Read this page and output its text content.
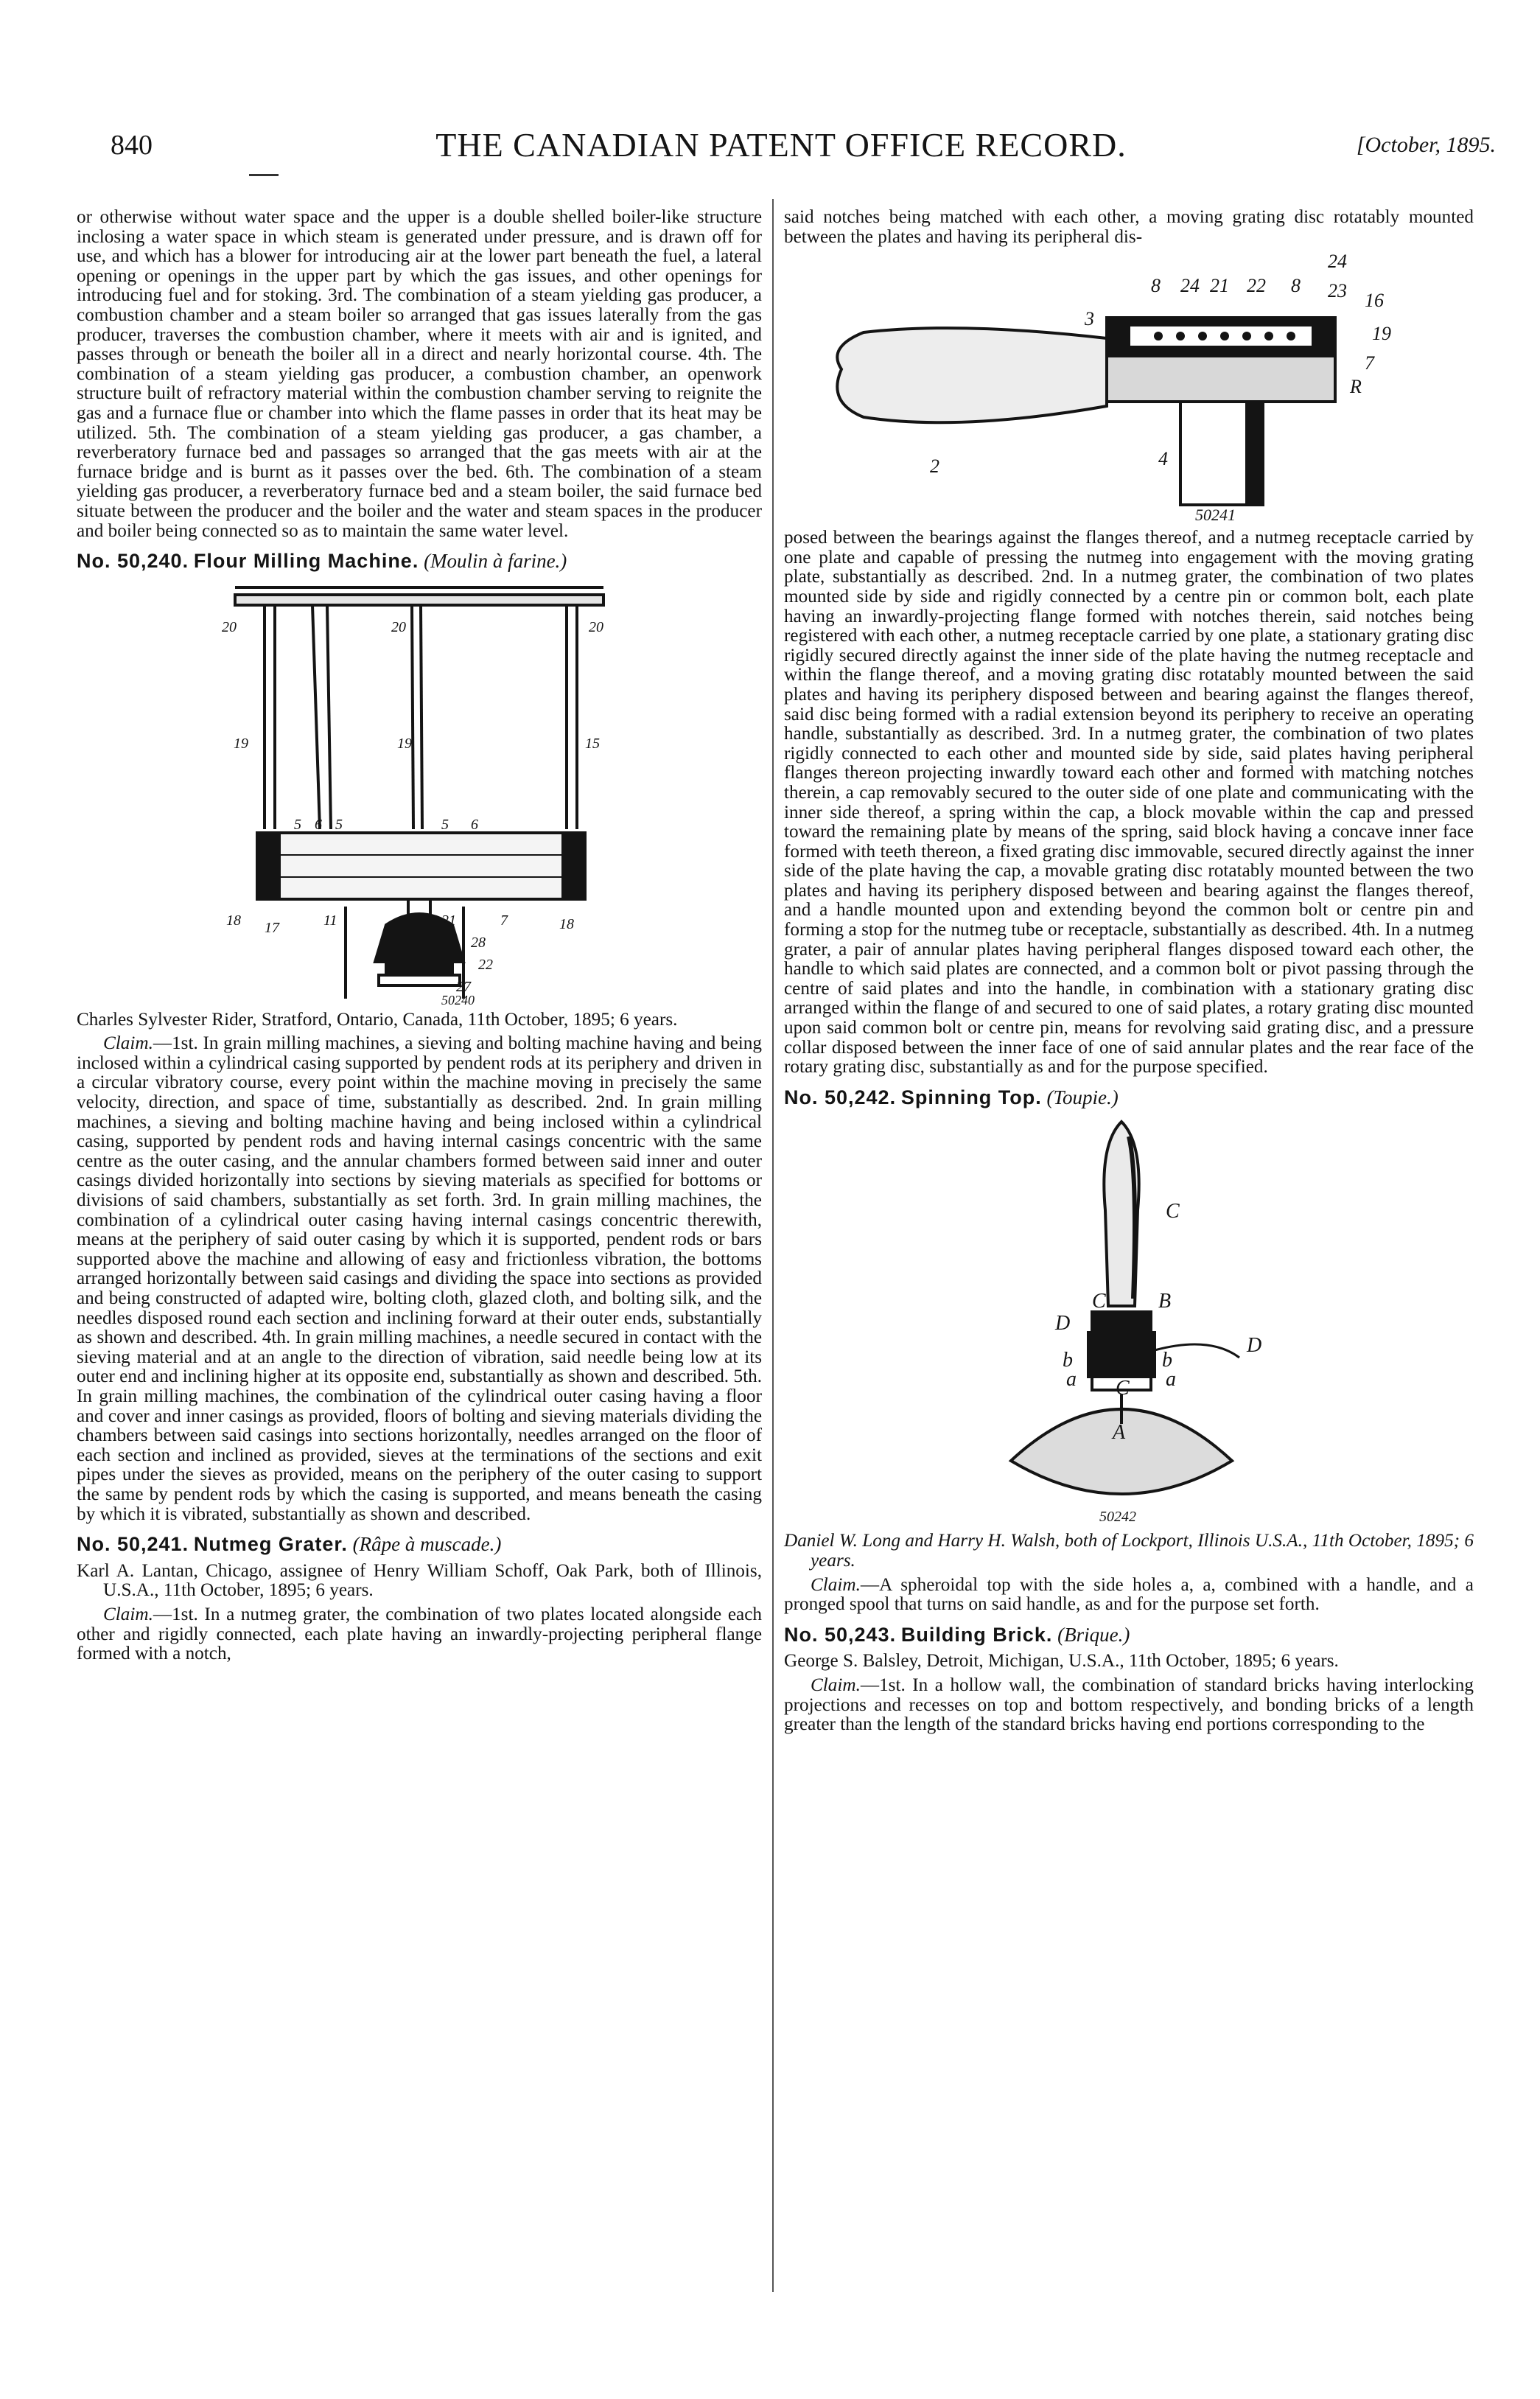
840	THE CANADIAN PATENT OFFICE RECORD.	[October, 1895.

or otherwise without water space and the upper is a double shelled boiler-like structure inclosing a water space in which steam is generated under pressure, and is drawn off for use, and which has a blower for introducing air at the lower part beneath the fuel, a lateral opening or openings in the upper part by which the gas issues, and other openings for introducing fuel and for stoking. 3rd. The combination of a steam yielding gas producer, a combustion chamber and a steam boiler so arranged that gas issues laterally from the gas producer, traverses the combustion chamber, where it meets with air and is ignited, and passes through or beneath the boiler all in a direct and nearly horizontal course. 4th. The combination of a steam yielding gas producer, a combustion chamber, an openwork structure built of refractory material within the combustion chamber serving to reignite the gas and a furnace flue or chamber into which the flame passes in order that its heat may be utilized. 5th. The combination of a steam yielding gas producer, a gas chamber, a reverberatory furnace bed and passages so arranged that the gas meets with air at the furnace bridge and is burnt as it passes over the bed. 6th. The combination of a steam yielding gas producer, a reverberatory furnace bed and a steam boiler, the said furnace bed situate between the producer and the boiler and the water and steam spaces in the producer and boiler being connected so as to maintain the same water level.

No. 50,240. Flour Milling Machine. (Moulin à farine.)
20	20	20
19	19	15
5 6 5	5 6
18 17	11	21	7	18
28
22
27
50240

Charles Sylvester Rider, Stratford, Ontario, Canada, 11th October, 1895; 6 years.

Claim.—1st. In grain milling machines, a sieving and bolting machine having and being inclosed within a cylindrical casing supported by pendent rods at its periphery and driven in a circular vibratory course, every point within the machine moving in precisely the same velocity, direction, and space of time, substantially as described. 2nd. In grain milling machines, a sieving and bolting machine having and being inclosed within a cylindrical casing, supported by pendent rods and having internal casings concentric with the same centre as the outer casing, and the annular chambers formed between said inner and outer casings divided horizontally into sections by sieving materials as specified for bottoms or divisions of said chambers, substantially as set forth. 3rd. In grain milling machines, the combination of a cylindrical outer casing having internal casings concentric therewith, means at the periphery of said outer casing by which it is supported, pendent rods or bars supported above the machine and allowing of easy and frictionless vibration, the bottoms arranged horizontally between said casings and dividing the space into sections as provided and being constructed of adapted wire, bolting cloth, glazed cloth, and bolting silk, and the needles disposed round each section and inclining forward at their outer ends, substantially as shown and described. 4th. In grain milling machines, a needle secured in contact with the sieving material and at an angle to the direction of vibration, said needle being low at its outer end and inclining higher at its opposite end, substantially as shown and described. 5th. In grain milling machines, the combination of the cylindrical outer casing having a floor and cover and inner casings as provided, floors of bolting and sieving materials dividing the chambers between said casings into sections horizontally, needles arranged on the floor of each section and inclined as provided, sieves at the terminations of the sections and exit pipes under the sieves as provided, means on the periphery of the outer casing to support the same by pendent rods by which the casing is supported, and means beneath the casing by which it is vibrated, substantially as shown and described.

No. 50,241. Nutmeg Grater. (Râpe à muscade.)

Karl A. Lantan, Chicago, assignee of Henry William Schoff, Oak Park, both of Illinois, U.S.A., 11th October, 1895; 6 years.

Claim.—1st. In a nutmeg grater, the combination of two plates located alongside each other and rigidly connected, each plate having an inwardly-projecting peripheral flange formed with a notch,

said notches being matched with each other, a moving grating disc rotatably mounted between the plates and having its peripheral dis-

24
8 24 21 22 8 23 16
3
19
7
R
2	4
50241

posed between the bearings against the flanges thereof, and a nutmeg receptacle carried by one plate and capable of pressing the nutmeg into engagement with the moving grating plate, substantially as described. 2nd. In a nutmeg grater, the combination of two plates mounted side by side and rigidly connected by a centre pin or common bolt, each plate having an inwardly-projecting flange formed with notches therein, said notches being registered with each other, a nutmeg receptacle carried by one plate, a stationary grating disc rigidly secured directly against the inner side of the plate having the nutmeg receptacle and within the flange thereof, and a moving grating disc rotatably mounted between the said plates and having its periphery disposed between and bearing against the flanges thereof, said disc being formed with a radial extension beyond its periphery to receive an operating handle, substantially as described. 3rd. In a nutmeg grater, the combination of two plates rigidly connected to each other and mounted side by side, said plates having peripheral flanges thereon projecting inwardly toward each other and formed with matching notches therein, a cap removably secured to the outer side of one plate and communicating with the inner side thereof, a spring within the cap, a block movable within the cap and pressed toward the remaining plate by means of the spring, said block having a concave inner face formed with teeth thereon, a fixed grating disc immovable, secured directly against the inner side of the plate having the cap, a movable grating disc rotatably mounted between the two plates and having its periphery disposed between and bearing against the flanges thereof, and a handle mounted upon and extending beyond the common bolt or centre pin and forming a stop for the nutmeg tube or receptacle, substantially as described. 4th. In a nutmeg grater, a pair of annular plates having peripheral flanges disposed toward each other, the handle to which said plates are connected, and a common bolt or pivot passing through the centre of said plates and into the handle, in combination with a stationary grating disc arranged within the flange of and secured to one of said plates, a rotary grating disc mounted upon said common bolt or centre pin, means for revolving said grating disc, and a pressure collar disposed between the inner face of one of said annular plates and the rear face of the rotary grating disc, substantially as and for the purpose specified.

No. 50,242. Spinning Top. (Toupie.)
C
C	B
D
D
b	b
a	a
C
A
50242

Daniel W. Long and Harry H. Walsh, both of Lockport, Illinois U.S.A., 11th October, 1895; 6 years.

Claim.—A spheroidal top with the side holes a, a, combined with a handle, and a pronged spool that turns on said handle, as and for the purpose set forth.

No. 50,243. Building Brick. (Brique.)

George S. Balsley, Detroit, Michigan, U.S.A., 11th October, 1895; 6 years.

Claim.—1st. In a hollow wall, the combination of standard bricks having interlocking projections and recesses on top and bottom respectively, and bonding bricks of a length greater than the length of the standard bricks having end portions corresponding to the
